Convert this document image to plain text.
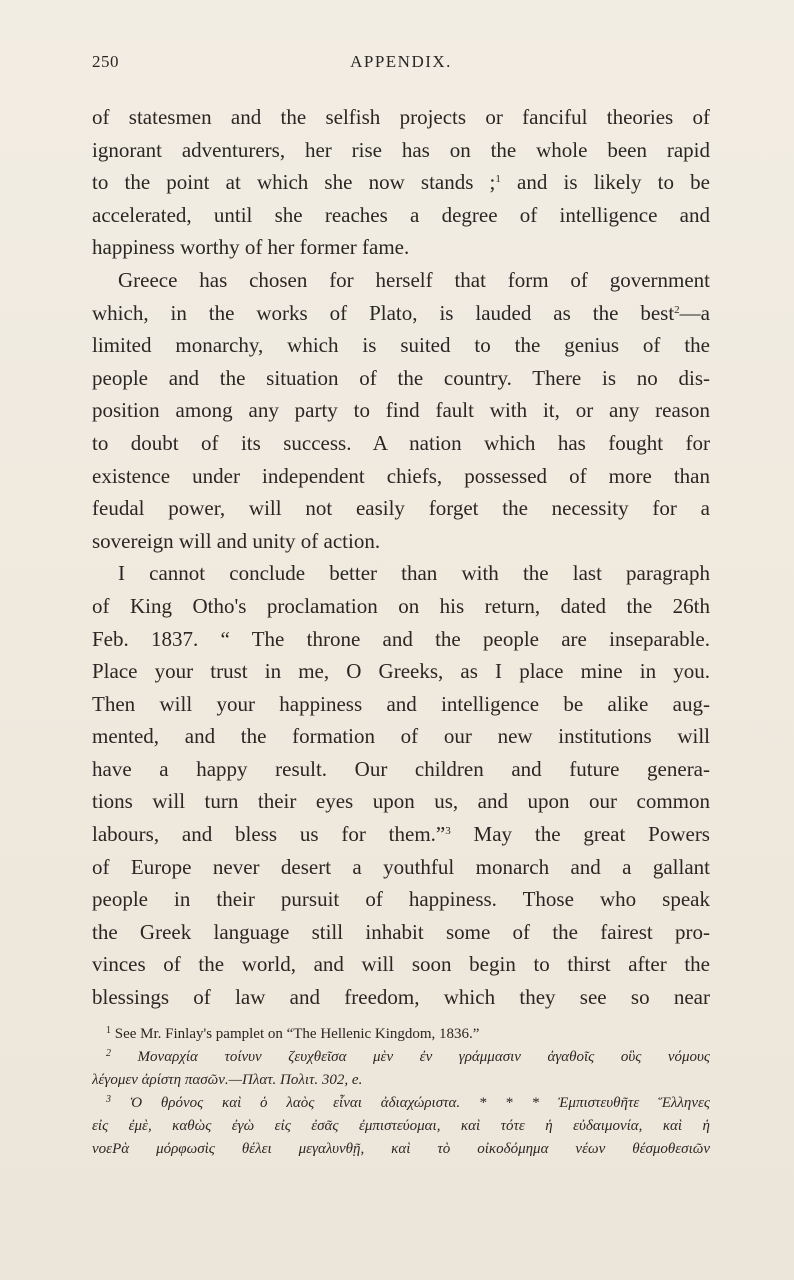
250	APPENDIX.
of statesmen and the selfish projects or fanciful theories of
ignorant adventurers, her rise has on the whole been rapid
to the point at which she now stands ;$^1$ and is likely to be
accelerated, until she reaches a degree of intelligence and
happiness worthy of her former fame.
Greece has chosen for herself that form of government
which, in the works of Plato, is lauded as the best$^2$—a
limited monarchy, which is suited to the genius of the
people and the situation of the country. There is no dis-
position among any party to find fault with it, or any reason
to doubt of its success. A nation which has fought for
existence under independent chiefs, possessed of more than
feudal power, will not easily forget the necessity for a
sovereign will and unity of action.
I cannot conclude better than with the last paragraph
of King Otho's proclamation on his return, dated the 26th
Feb. 1837. “ The throne and the people are inseparable.
Place your trust in me, O Greeks, as I place mine in you.
Then will your happiness and intelligence be alike aug-
mented, and the formation of our new institutions will
have a happy result. Our children and future genera-
tions will turn their eyes upon us, and upon our common
labours, and bless us for them.”$^3$ May the great Powers
of Europe never desert a youthful monarch and a gallant
people in their pursuit of happiness. Those who speak
the Greek language still inhabit some of the fairest pro-
vinces of the world, and will soon begin to thirst after the
blessings of law and freedom, which they see so near
$^1$ See Mr. Finlay's pamplet on “The Hellenic Kingdom, 1836.”
$^2$ Μοναρχία τοίνυν ζευχθεῖσα μὲν ἐν γράμμασιν ἀγαθοῖς οὓς νόμους
λέγομεν ἀρίστη πασῶν.—Πλατ. Πολιτ. 302, e.
$^3$ Ὁ θρόνος καὶ ὁ λαὸς εἶναι ἀδιαχώριστα. * * * Ἐμπιστευθῆτε Ἕλληνες
εἰς ἐμὲ, καθὼς ἐγὼ εἰς ἐσᾶς ἐμπιστεύομαι, καὶ τότε ἡ εὐδαιμονία, καὶ ἡ
νοεΡὰ μόρφωσὶς θέλει μεγαλυνθῇ, καὶ τὸ οἰκοδόμημα νέων θέσμοθεσιῶν
